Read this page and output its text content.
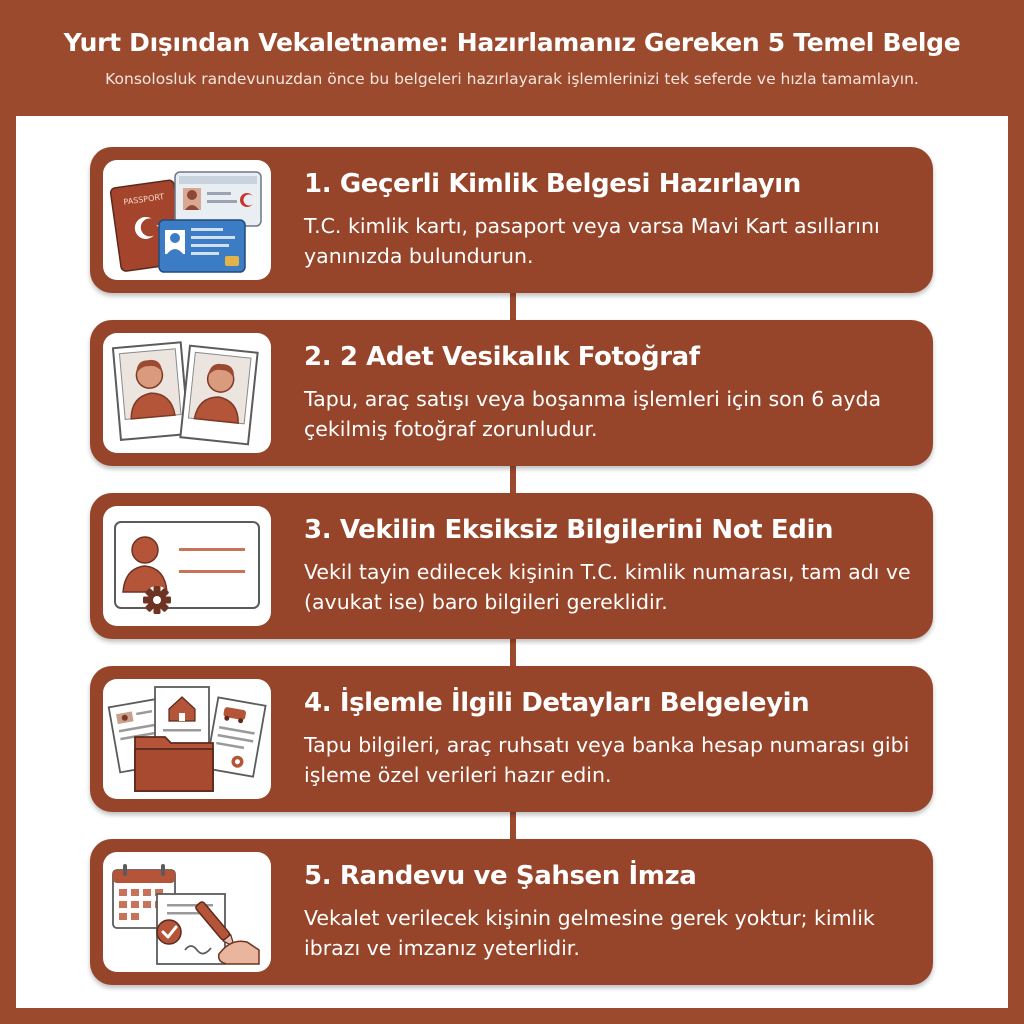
Yurt Dışından Vekaletname: Hazırlamanız Gereken 5 Temel Belge
Konsolosluk randevunuzdan önce bu belgeleri hazırlayarak işlemlerinizi tek seferde ve hızla tamamlayın.
PASSPORT
1. Geçerli Kimlik Belgesi Hazırlayın
T.C. kimlik kartı, pasaport veya varsa Mavi Kart asıllarını yanınızda bulundurun.
2. 2 Adet Vesikalık Fotoğraf
Tapu, araç satışı veya boşanma işlemleri için son 6 ayda çekilmiş fotoğraf zorunludur.
3. Vekilin Eksiksiz Bilgilerini Not Edin
Vekil tayin edilecek kişinin T.C. kimlik numarası, tam adı ve (avukat ise) baro bilgileri gereklidir.
4. İşlemle İlgili Detayları Belgeleyin
Tapu bilgileri, araç ruhsatı veya banka hesap numarası gibi işleme özel verileri hazır edin.
5. Randevu ve Şahsen İmza
Vekalet verilecek kişinin gelmesine gerek yoktur; kimlik ibrazı ve imzanız yeterlidir.
